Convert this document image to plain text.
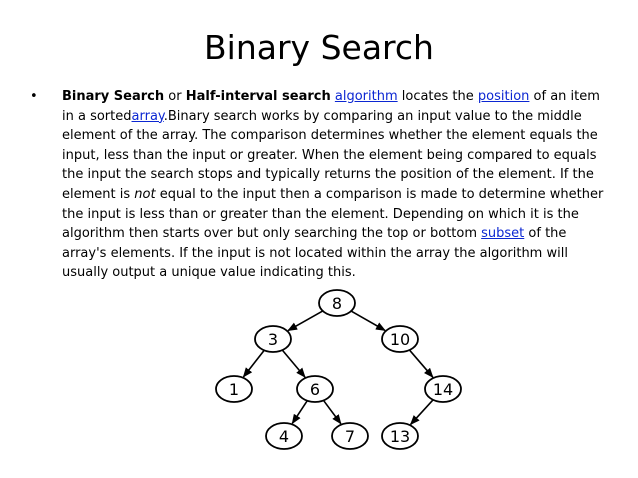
Binary Search
• Binary Search or Half-interval search algorithm locates the position of an item in a sortedarray.Binary search works by comparing an input value to the middle element of the array. The comparison determines whether the element equals the input, less than the input or greater. When the element being compared to equals the input the search stops and typically returns the position of the element. If the element is not equal to the input then a comparison is made to determine whether the input is less than or greater than the element. Depending on which it is the algorithm then starts over but only searching the top or bottom subset of the array's elements. If the input is not located within the array the algorithm will usually output a unique value indicating this.
8
3	10
1	6	14
4	7 13
